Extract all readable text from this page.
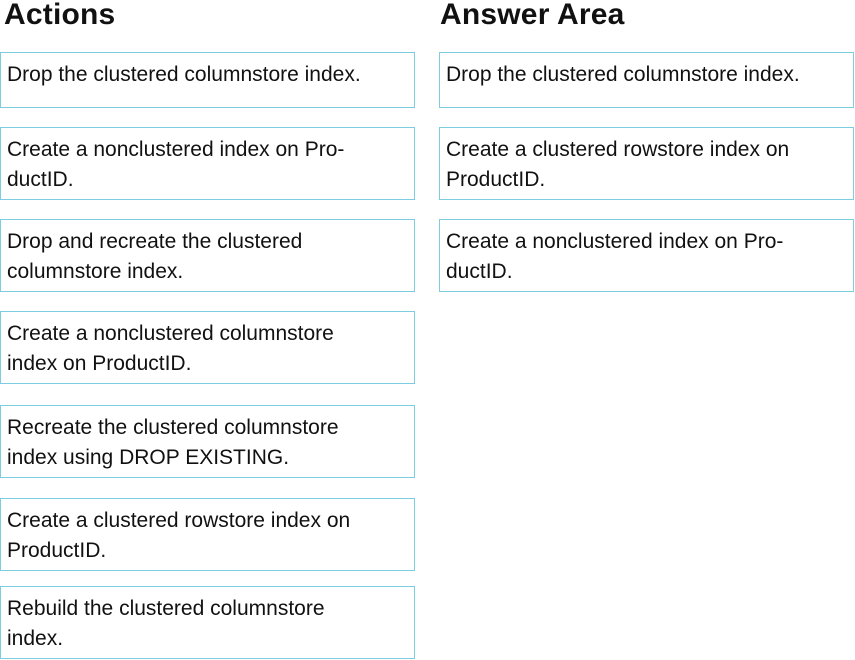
Actions	Answer Area
Drop the clustered columnstore index.
Create a nonclustered index on Pro-
ductID.
Drop and recreate the clustered
columnstore index.
Create a nonclustered columnstore
index on ProductID.
Recreate the clustered columnstore
index using DROP EXISTING.
Create a clustered rowstore index on
ProductID.
Rebuild the clustered columnstore
index.
Drop the clustered columnstore index.
Create a clustered rowstore index on
ProductID.
Create a nonclustered index on Pro-
ductID.
